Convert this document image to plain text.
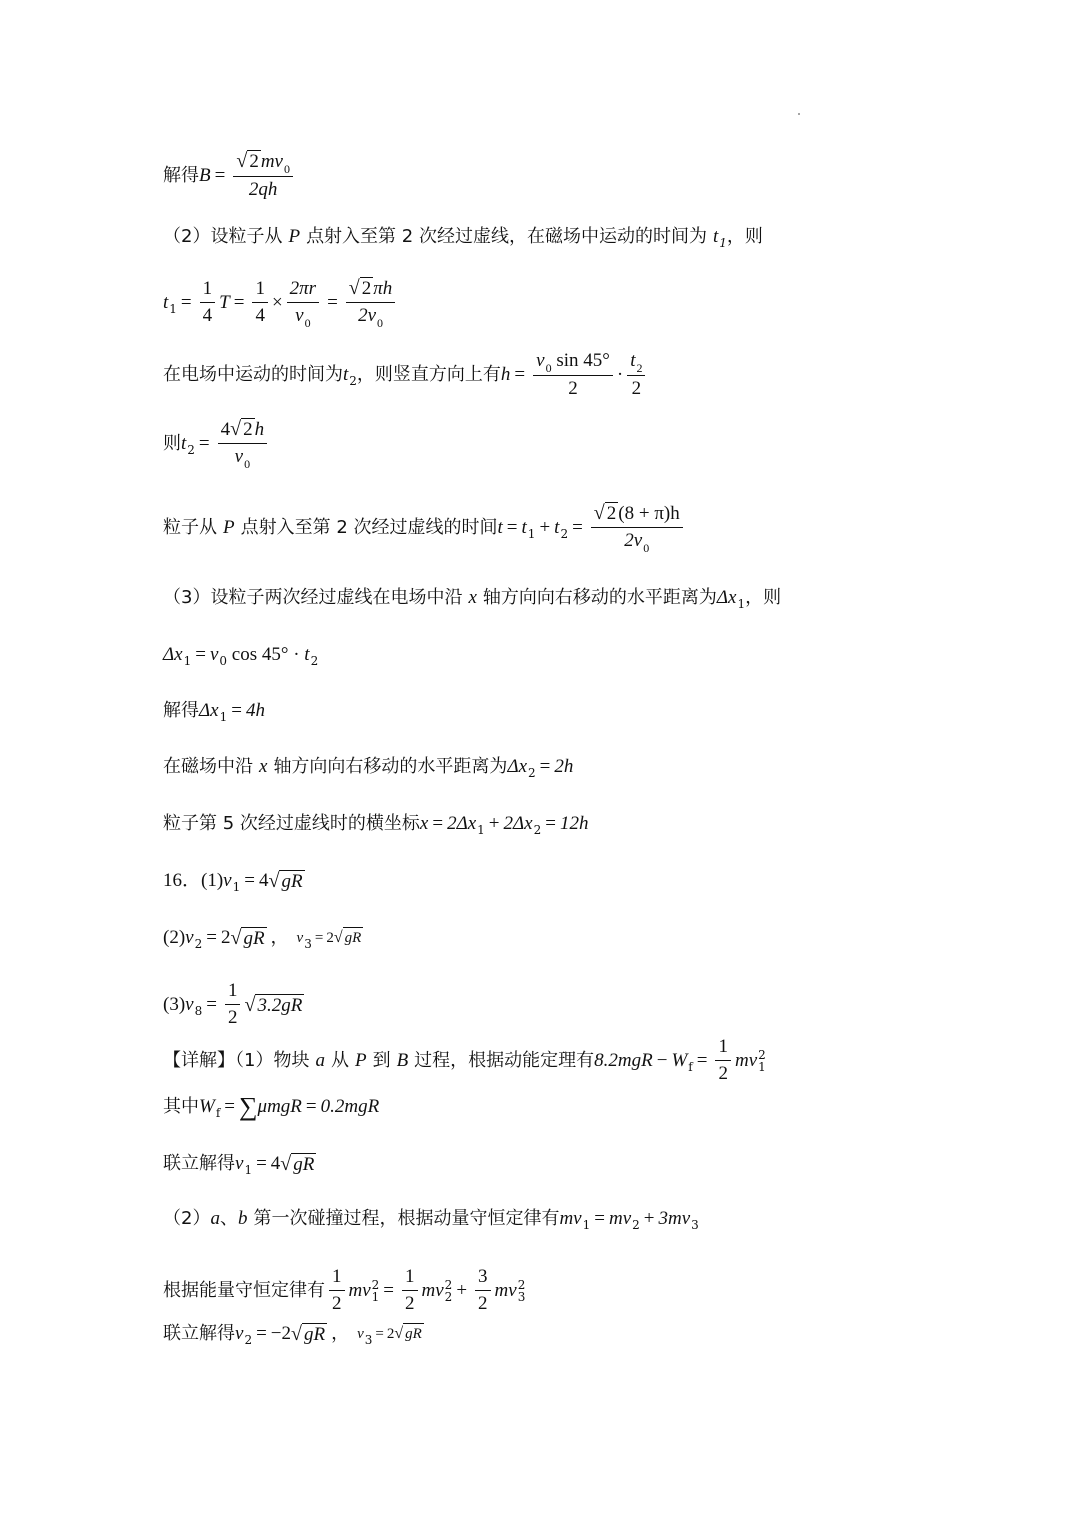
解得 $B = \frac{√ 2 mv_0}{2qh}$
（2）设粒子从 P 点射入至第 2 次经过虚线，在磁场中运动的时间为 t 1 ，则
t $1 = \frac{1}{4}$ $T = \frac{1}{4} \times \frac{2\pi r}{v_0} = \frac{√ 2 \pi h}{2v_0}$
在电场中运动的时间为 t 2 ，则竖直方向上有 $h = \frac{v_0 \sin 45^\circ}{2} \cdot \frac{t_2}{2}$
则 t $2 = \frac{4 √ 2 h}{v_0}$
粒子从 P 点射入至第 2 次经过虚线的时间 t = t 1 + t $2 = \frac{√ 2 (8 + \pi)h}{2v_0}$
（3）设粒子两次经过虚线在电场中沿 x 轴方向向右移动的水平距离为 Δx 1 ，则
Δx 1 = v 0 cos 45° · t 2
解得 Δx 1 = 4h
在磁场中沿 x 轴方向向右移动的水平距离为 Δx 2 = 2h
粒子第 5 次经过虚线时的横坐标 x = 2Δx 1 + 2Δx 2 = 12h
16． (1) v 1 = 4 √ gR
(2) v 2 = 2 √ gR ， v 3 = 2 √ gR
(3) v $8 = \frac{1}{2}$ √ 3.2gR
【详解】（1）物块 a 从 P 到 B 过程，根据动能定理有 8.2mgR − W $f = \frac{1}{2}$ mv 2
1
其中 W f = ∑ μmgR = 0.2mgR
联立解得 v 1 = 4 √ gR
（2） a 、 b 第一次碰撞过程，根据动量守恒定律有 mv 1 = mv 2 + 3mv 3
根据能量守恒定律有 $\frac{1}{2}$ mv 2
$1 = \frac{1}{2}$ mv 2
$2 + \frac{3}{2}$ mv 2
3
联立解得 v 2 = −2 √ gR ， v 3 = 2 √ gR
